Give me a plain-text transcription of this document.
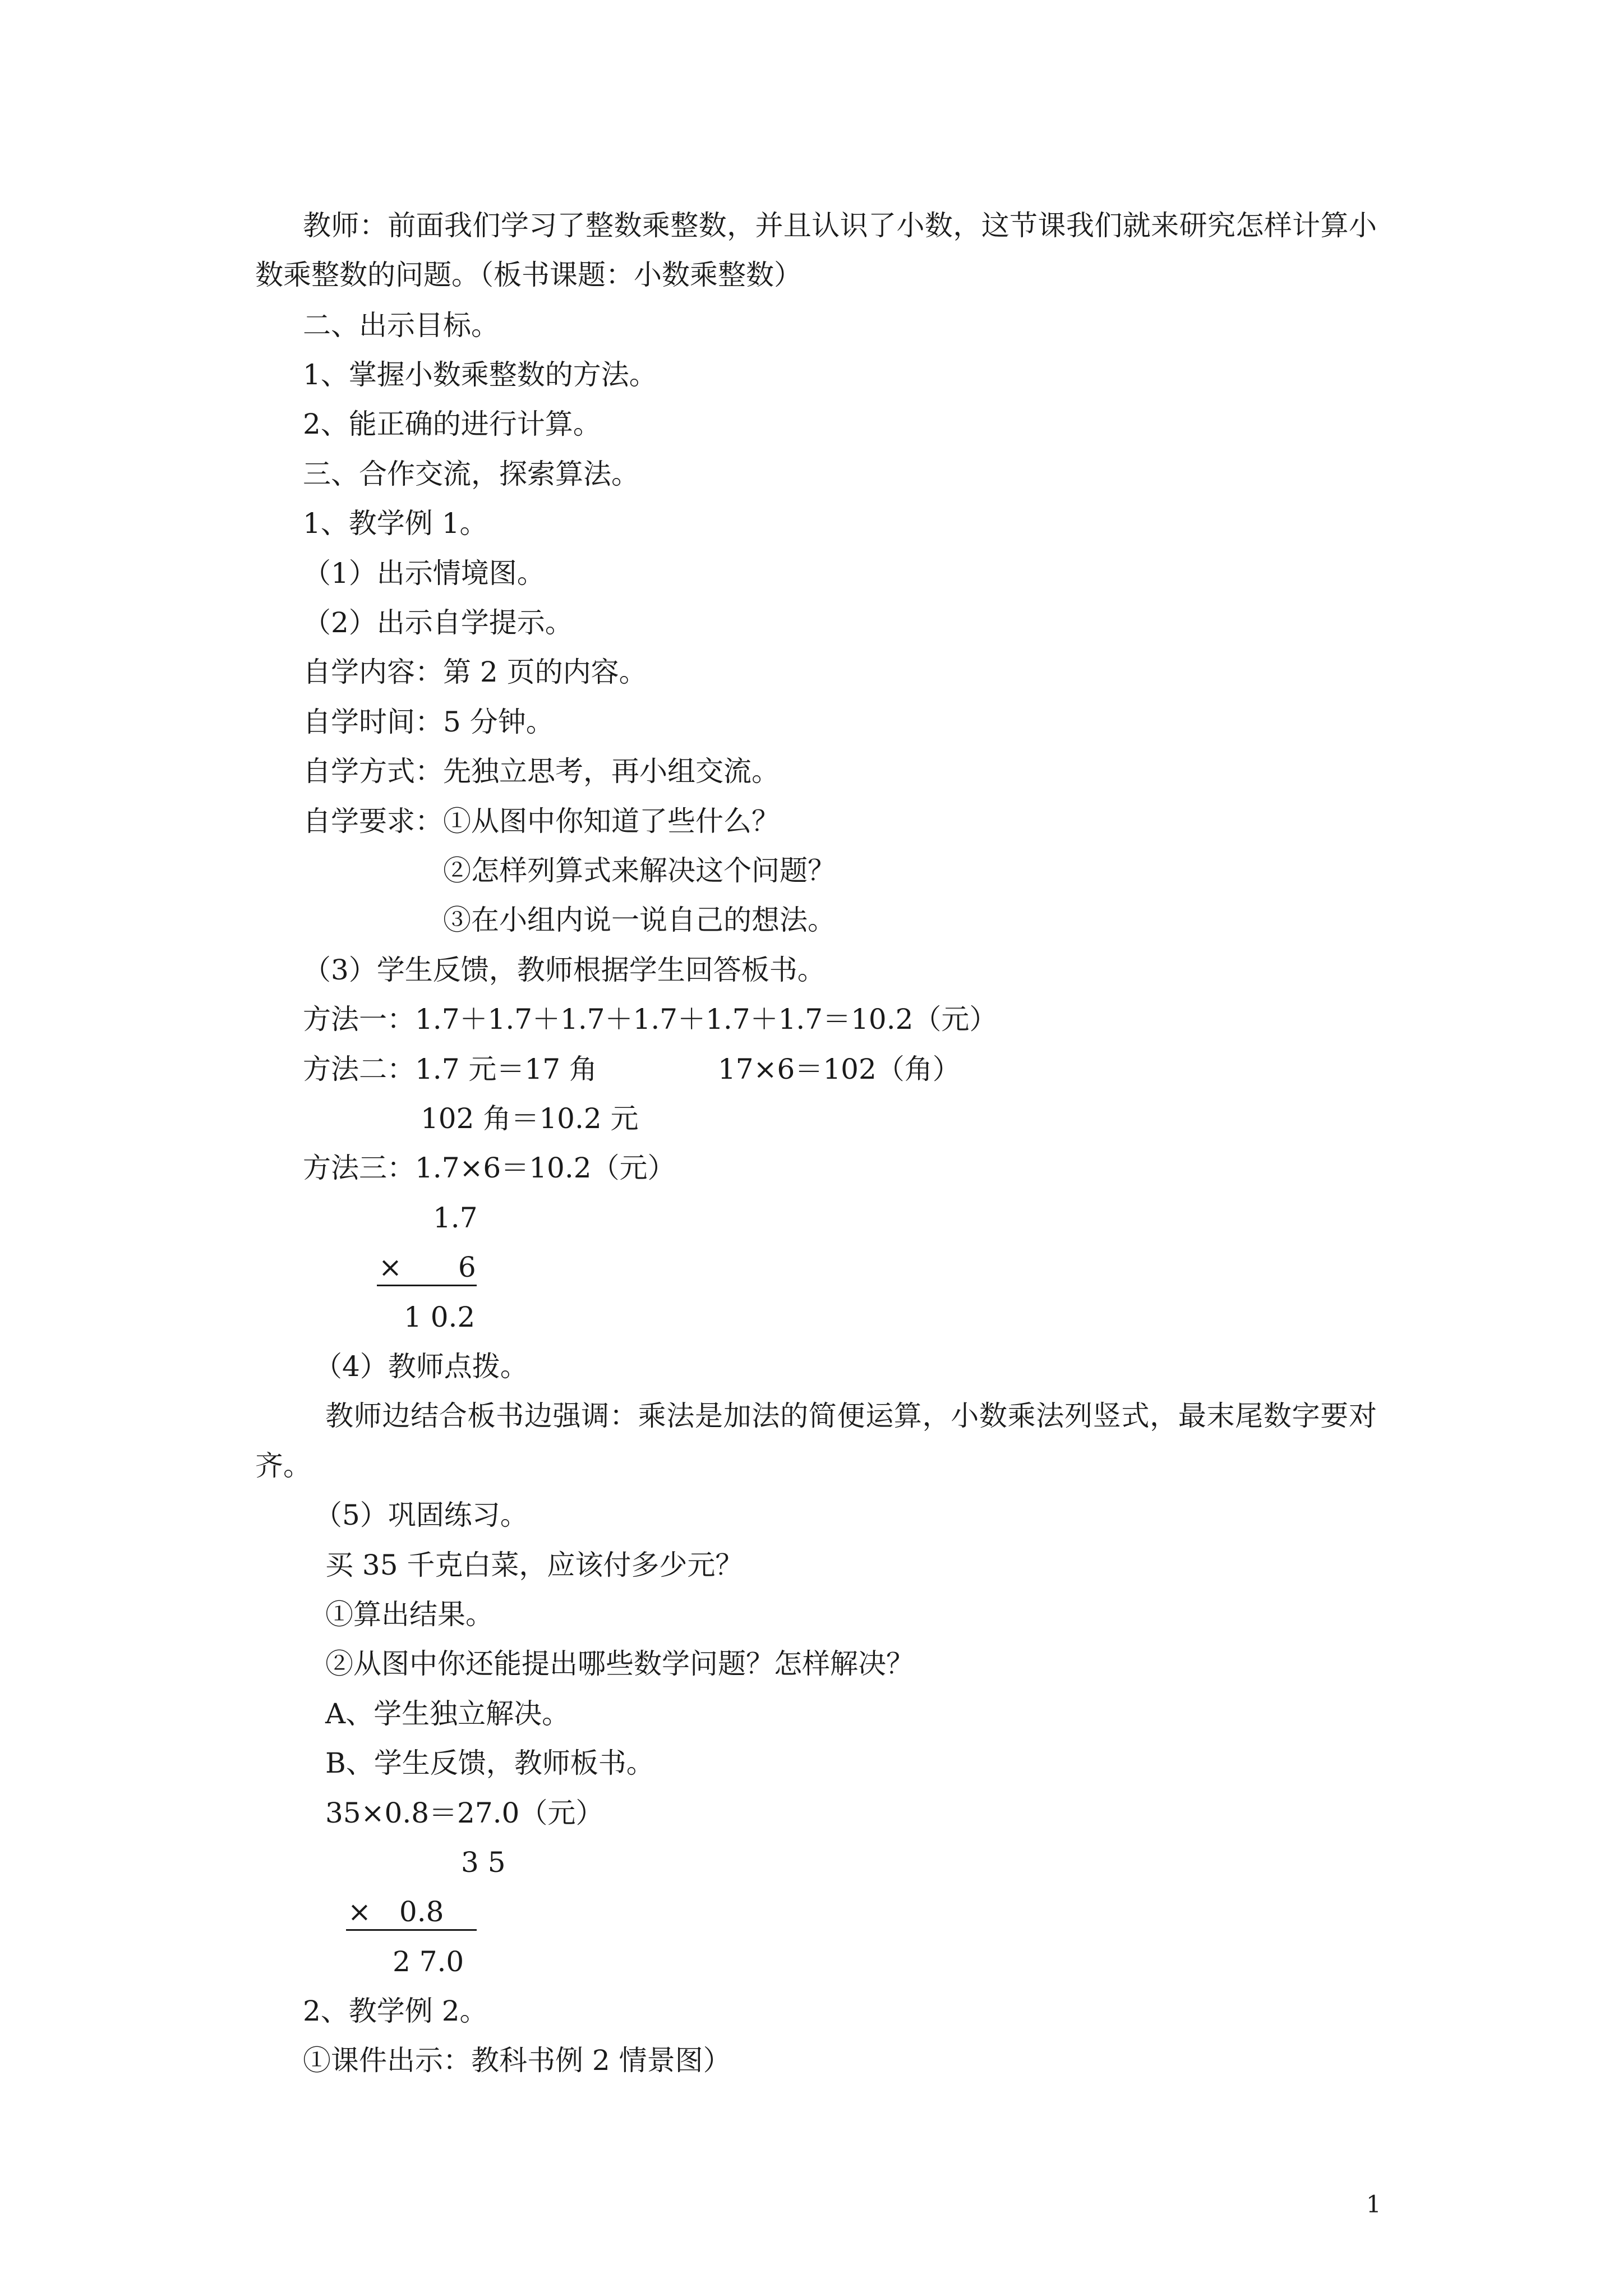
教师：前面我们学习了整数乘整数，并且认识了小数，这节课我们就来研究怎样计算小

数乘整数的问题。（板书课题：小数乘整数）

二、出示目标。

1、掌握小数乘整数的方法。

2、能正确的进行计算。

三、合作交流，探索算法。

1、教学例 1。

（1）出示情境图。

（2）出示自学提示。

自学内容：第 2 页的内容。

自学时间：5 分钟。

自学方式：先独立思考，再小组交流。

自学要求：①从图中你知道了些什么？

②怎样列算式来解决这个问题？

③在小组内说一说自己的想法。

（3）学生反馈，教师根据学生回答板书。

方法一：1.7＋1.7＋1.7＋1.7＋1.7＋1.7＝10.2（元）

方法二：1.7 元＝17 角	17×6＝102（角）

102 角＝10.2 元

方法三：1.7×6＝10.2（元）

1.7

×　　6

1 0.2

（4）教师点拨。

教师边结合板书边强调：乘法是加法的简便运算，小数乘法列竖式，最末尾数字要对

齐。

（5）巩固练习。

买 35 千克白菜，应该付多少元？

①算出结果。

②从图中你还能提出哪些数学问题？怎样解决？

A、学生独立解决。

B、学生反馈，教师板书。

35×0.8＝27.0（元）

3 5

×　0.8

2 7.0

2、教学例 2。

①课件出示：教科书例 2 情景图）

1
